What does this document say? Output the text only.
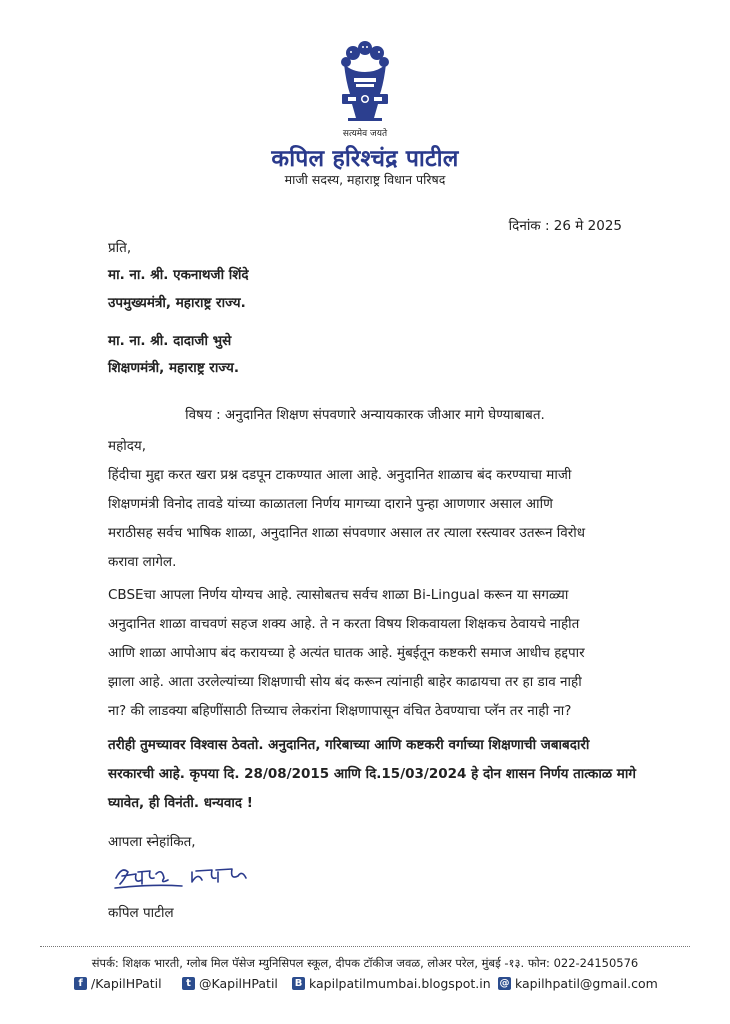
सत्यमेव जयते
कपिल हरिश्चंद्र पाटील
माजी सदस्य, महाराष्ट्र विधान परिषद
दिनांक : 26 मे 2025
प्रति,
मा. ना. श्री. एकनाथजी शिंदे
उपमुख्यमंत्री, महाराष्ट्र राज्य.
मा. ना. श्री. दादाजी भुसे
शिक्षणमंत्री, महाराष्ट्र राज्य.
विषय : अनुदानित शिक्षण संपवणारे अन्यायकारक जीआर मागे घेण्याबाबत.
महोदय,
हिंदीचा मुद्दा करत खरा प्रश्न दडपून टाकण्यात आला आहे. अनुदानित शाळाच बंद करण्याचा माजी
शिक्षणमंत्री विनोद तावडे यांच्या काळातला निर्णय मागच्या दाराने पुन्हा आणणार असाल आणि
मराठीसह सर्वच भाषिक शाळा, अनुदानित शाळा संपवणार असाल तर त्याला रस्त्यावर उतरून विरोध
करावा लागेल.
CBSEचा आपला निर्णय योग्यच आहे. त्यासोबतच सर्वच शाळा Bi-Lingual करून या सगळ्या
अनुदानित शाळा वाचवणं सहज शक्य आहे. ते न करता विषय शिकवायला शिक्षकच ठेवायचे नाहीत
आणि शाळा आपोआप बंद करायच्या हे अत्यंत घातक आहे. मुंबईतून कष्टकरी समाज आधीच हद्दपार
झाला आहे. आता उरलेल्यांच्या शिक्षणाची सोय बंद करून त्यांनाही बाहेर काढायचा तर हा डाव नाही
ना? की लाडक्या बहिणींसाठी तिच्याच लेकरांना शिक्षणापासून वंचित ठेवण्याचा प्लॅन तर नाही ना?
तरीही तुमच्यावर विश्वास ठेवतो. अनुदानित, गरिबाच्या आणि कष्टकरी वर्गाच्या शिक्षणाची जबाबदारी
सरकारची आहे. कृपया दि. 28/08/2015 आणि दि.15/03/2024 हे दोन शासन निर्णय तात्काळ मागे
घ्यावेत, ही विनंती. धन्यवाद !
आपला स्नेहांकित,
कपिल पाटील
संपर्क: शिक्षक भारती, ग्लोब मिल पॅसेज म्युनिसिपल स्कूल, दीपक टॉकीज जवळ, लोअर परेल, मुंबई -१३. फोन: 022-24150576
f /KapilHPatil	t @KapilHPatil B kapilpatilmumbai.blogspot.in @ kapilhpatil@gmail.com
